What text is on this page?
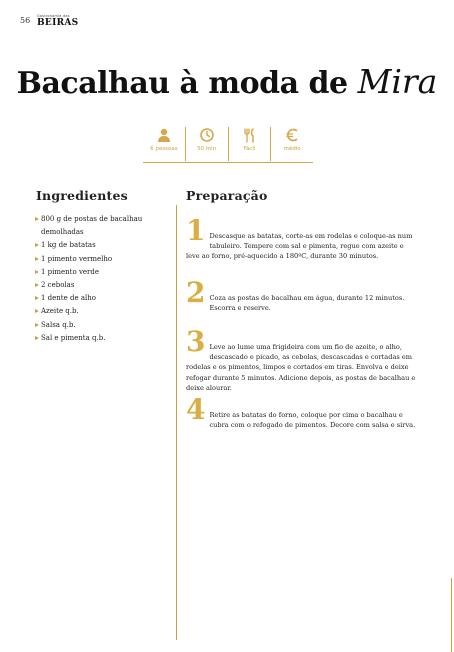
56 Gastronomia das
BEIRAS
Bacalhau à moda de Mira
6 pessoas	50 min	Fácil	médio
Ingredientes	Preparação
800 g de postas de bacalhau demolhadas
1 kg de batatas
1 pimento vermelho
1 pimento verde
2 cebolas
1 dente de alho
Azeite q.b.
Salsa q.b.
Sal e pimenta q.b.
1 Descasque as batatas, corte-as em rodelas e coloque-as num tabuleiro. Tempere com sal e pimenta, regue com azeite e leve ao forno, pré-aquecido a 180ºC, durante 30 minutos.
2 Coza as postas de bacalhau em água, durante 12 minutos. Escorra e reserve.
3 Leve ao lume uma frigideira com um fio de azeite, o alho, descascado e picado, as cebolas, descascadas e cortadas em rodelas e os pimentos, limpos e cortados em tiras. Envolva e deixe refogar durante 5 minutos. Adicione depois, as postas de bacalhau e deixe alourar.
4 Retire as batatas do forno, coloque por cima o bacalhau e cubra com o refogado de pimentos. Decore com salsa e sirva.
